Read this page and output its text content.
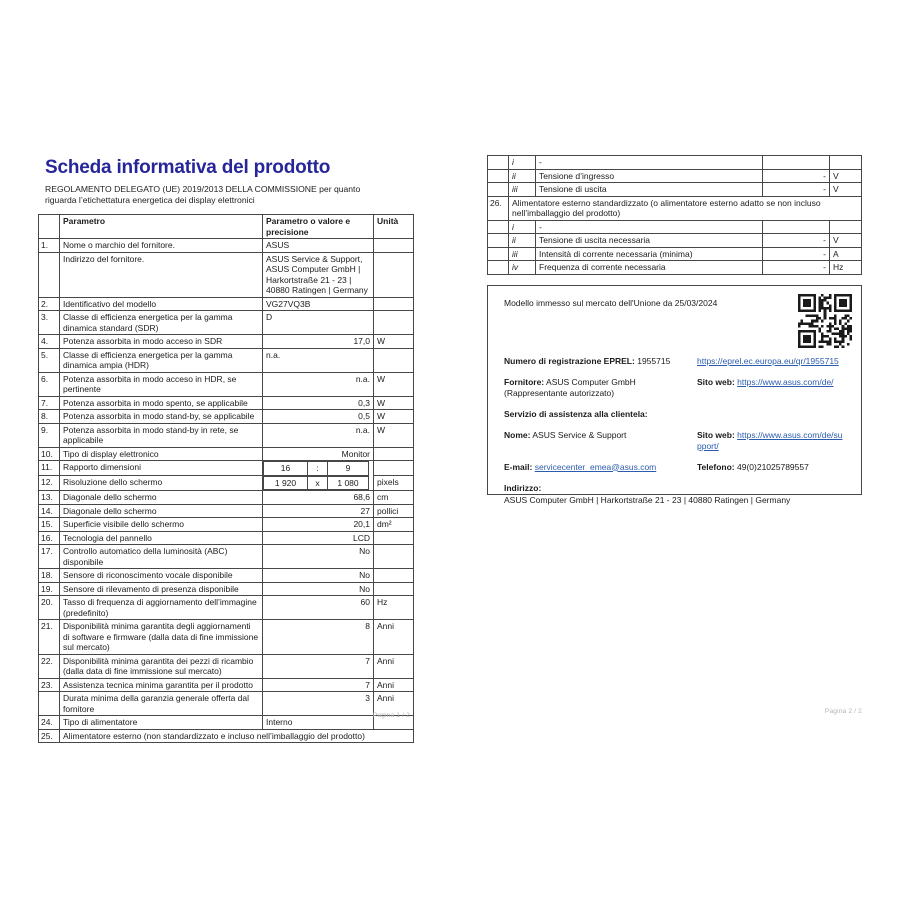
Scheda informativa del prodotto

REGOLAMENTO DELEGATO (UE) 2019/2013 DELLA COMMISSIONE per quanto riguarda l’etichettatura energetica dei display elettronici

	Parametro	Parametro o valore e precisione	Unità
1.	Nome o marchio del fornitore.	ASUS	
	Indirizzo del fornitore.	ASUS Service & Support, ASUS Computer GmbH | Harkortstraße 21 - 23 | 40880 Ratingen | Germany	
2.	Identificativo del modello	VG27VQ3B	
3.	Classe di efficienza energetica per la gamma dinamica standard (SDR)	D	
4.	Potenza assorbita in modo acceso in SDR	17,0	W
5.	Classe di efficienza energetica per la gamma dinamica ampia (HDR)	n.a.	
6.	Potenza assorbita in modo acceso in HDR, se pertinente	n.a.	W
7.	Potenza assorbita in modo spento, se applicabile	0,3	W
8.	Potenza assorbita in modo stand-by, se applicabile	0,5	W
9.	Potenza assorbita in modo stand-by in rete, se applicabile	n.a.	W
10.	Tipo di display elettronico	Monitor	
11.	Rapporto dimensioni		16	:	9

12.	Risoluzione dello schermo		1 920	x	1 080	pixels
13.	Diagonale dello schermo	68,6	cm
14.	Diagonale dello schermo	27	pollici
15.	Superficie visibile dello schermo	20,1	dm²
16.	Tecnologia del pannello	LCD	
17.	Controllo automatico della luminosità (ABC) disponibile	No	
18.	Sensore di riconoscimento vocale disponibile	No	
19.	Sensore di rilevamento di presenza disponibile	No	
20.	Tasso di frequenza di aggiornamento dell’immagine (predefinito)	60	Hz
21.	Disponibilità minima garantita degli aggiornamenti di software e firmware (dalla data di fine immissione sul mercato)	8	Anni
22.	Disponibilità minima garantita dei pezzi di ricambio (dalla data di fine immissione sul mercato)	7	Anni
23.	Assistenza tecnica minima garantita per il prodotto	7	Anni
	Durata minima della garanzia generale offerta dal fornitore	3	Anni
24.	Tipo di alimentatore	Interno	
25.	Alimentatore esterno (non standardizzato e incluso nell’imballaggio del prodotto)		
Pagina 1 / 2
	i	-		
	ii	Tensione d’ingresso	-	V
	iii	Tensione di uscita	-	V
26.	Alimentatore esterno standardizzato (o alimentatore esterno adatto se non incluso nell’imballaggio del prodotto)			
	i	-		
	ii	Tensione di uscita necessaria	-	V
	iii	Intensità di corrente necessaria (minima)	-	A
	iv	Frequenza di corrente necessaria	-	Hz
Modello immesso sul mercato dell'Unione da 25/03/2024
Numero di registrazione EPREL: 1955715	https://eprel.ec.europa.eu/qr/1955715
Fornitore: ASUS Computer GmbH (Rappresentante autorizzato)
Sito web: https://www.asus.com/de/
Servizio di assistenza alla clientela:
Nome: ASUS Service & Support	Sito web: https://www.asus.com/de/support/
E-mail: servicecenter_emea@asus.com	Telefono: 49(0)21025789557
Indirizzo:
ASUS Computer GmbH | Harkortstraße 21 - 23 | 40880 Ratingen | Germany
Pagina 2 / 2
